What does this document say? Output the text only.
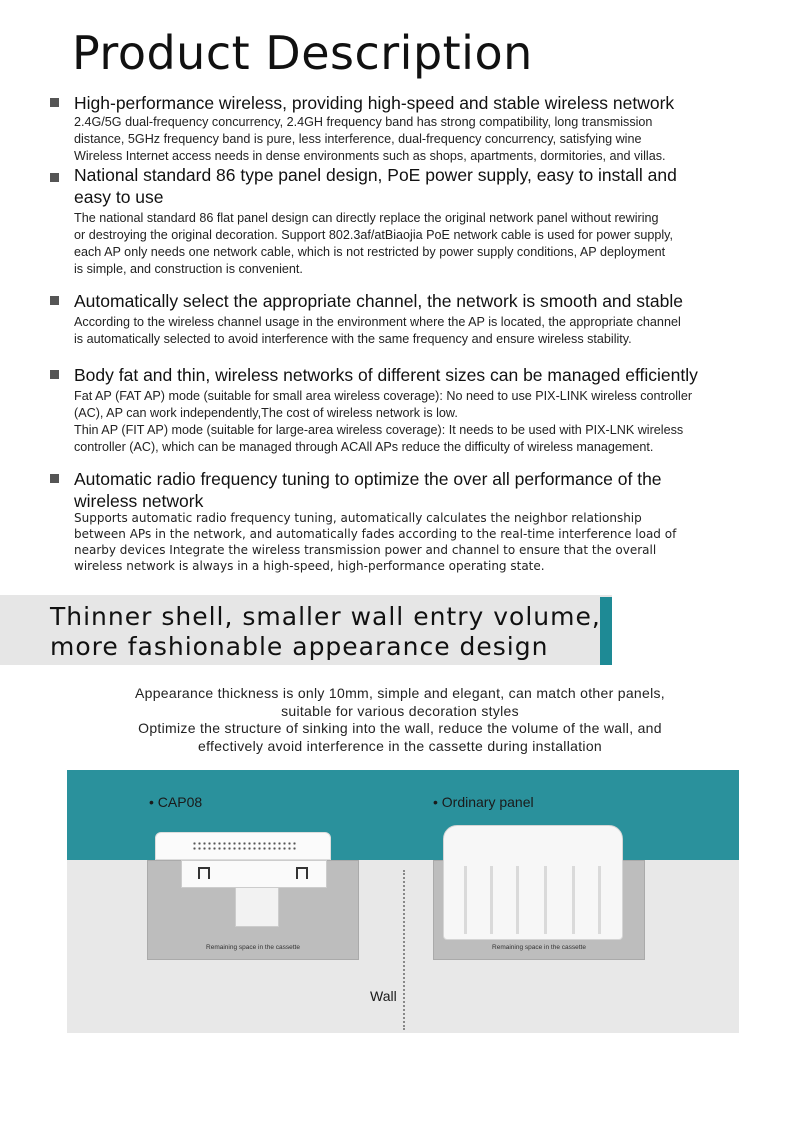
Product Description
High-performance wireless, providing high-speed and stable wireless network

2.4G/5G dual-frequency concurrency, 2.4GH frequency band has strong compatibility, long transmission

distance, 5GHz frequency band is pure, less interference, dual-frequency concurrency, satisfying wine

Wireless Internet access needs in dense environments such as shops, apartments, dormitories, and villas.

National standard 86 type panel design, PoE power supply, easy to install and
easy to use

The national standard 86 flat panel design can directly replace the original network panel without rewiring

or destroying the original decoration. Support 802.3af/atBiaojia PoE network cable is used for power supply,

each AP only needs one network cable, which is not restricted by power supply conditions, AP deployment

is simple, and construction is convenient.

Automatically select the appropriate channel, the network is smooth and stable

According to the wireless channel usage in the environment where the AP is located, the appropriate channel

is automatically selected to avoid interference with the same frequency and ensure wireless stability.

Body fat and thin, wireless networks of different sizes can be managed efficiently

Fat AP (FAT AP) mode (suitable for small area wireless coverage): No need to use PIX-LINK wireless controller

(AC), AP can work independently,The cost of wireless network is low.

Thin AP (FIT AP) mode (suitable for large-area wireless coverage): It needs to be used with PIX-LNK wireless

controller (AC), which can be managed through ACAll APs reduce the difficulty of wireless management.

Automatic radio frequency tuning to optimize the over all performance of the
wireless network

Supports automatic radio frequency tuning, automatically calculates the neighbor relationship

between APs in the network, and automatically fades according to the real-time interference load of

nearby devices Integrate the wireless transmission power and channel to ensure that the overall

wireless network is always in a high-speed, high-performance operating state.

Thinner shell, smaller wall entry volume,
more fashionable appearance design
Appearance thickness is only 10mm, simple and elegant, can match other panels,
suitable for various decoration styles
Optimize the structure of sinking into the wall, reduce the volume of the wall, and
effectively avoid interference in the cassette during installation
Remaining space in the cassette	Remaining space in the cassette
• CAP08	• Ordinary panel
Wall
